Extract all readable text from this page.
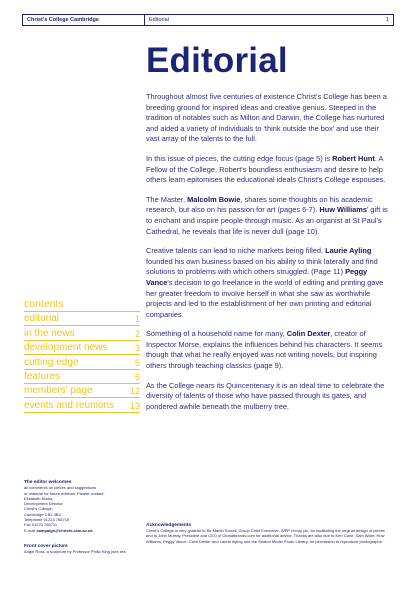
Christ's College Cambridge	Editorial	1
Editorial

Throughout almost five centuries of existence Christ's College has been a breeding ground for inspired ideas and creative genius. Steeped in the tradition of notables such as Milton and Darwin, the College has nurtured and aided a variety of individuals to 'think outside the box' and use their vast array of the talents to the full.

In this issue of pieces, the cutting edge focus (page 5) is Robert Hunt. A Fellow of the College, Robert's boundless enthusiasm and desire to help others learn epitomises the educational ideals Christ's College espouses.

The Master, Malcolm Bowie, shares some thoughts on his academic research, but also on his passion for art (pages 6-7). Huw Williams' gift is to enchant and inspire people through music. As an organist at St Paul's Cathedral, he reveals that life is never dull (page 10).

Creative talents can lead to niche markets being filled. Laurie Ayling founded his own business based on his ability to think laterally and find solutions to problems with which others struggled. (Page 11) Peggy Vance's decision to go freelance in the world of editing and printing gave her greater freedom to involve herself in what she saw as worthwhile projects and led to the establishment of her own printing and editorial companies.

Something of a household name for many, Colin Dexter, creator of Inspector Morse, explains the influences behind his characters. It seems though that what he really enjoyed was not writing novels, but inspiring others through teaching classics (page 9).

As the College nears its Quincentenary it is an ideal time to celebrate the diversity of talents of those who have passed through its gates, and pondered awhile beneath the mulberry tree.

contents
editorial	1
in the news	2
development news	3
cutting edge	5
features	6
members' page	12
events and reunions 13
The editor welcomes
all comments on pieces and suggestions
or material for future editions. Please contact:
Elizabeth Norris,
Development Director,
Christ's College,
Cambridge CB2 3BU
Telephone 01223 766710
Fax 01223 766711
E-mail campaign@christs.cam.ac.uk
Front cover picture
Angie Ross, a sculpture by Professor Philip King (see rea
Acknowledgements
Christ's College is very grateful to Sir Martin Sorrell, Group Chief Executive, WPP Group plc, for facilitating the original design of pieces and to John Murray, President and CEO of Globalbrands.com for additional advice. Thanks are also due to Ken Clare, Sam Ware, Huw Williams, Peggy Vance, Colin Dexter and Laurie Ayling and the Seaton Model Photo Library, for permission to reproduce photographs.
